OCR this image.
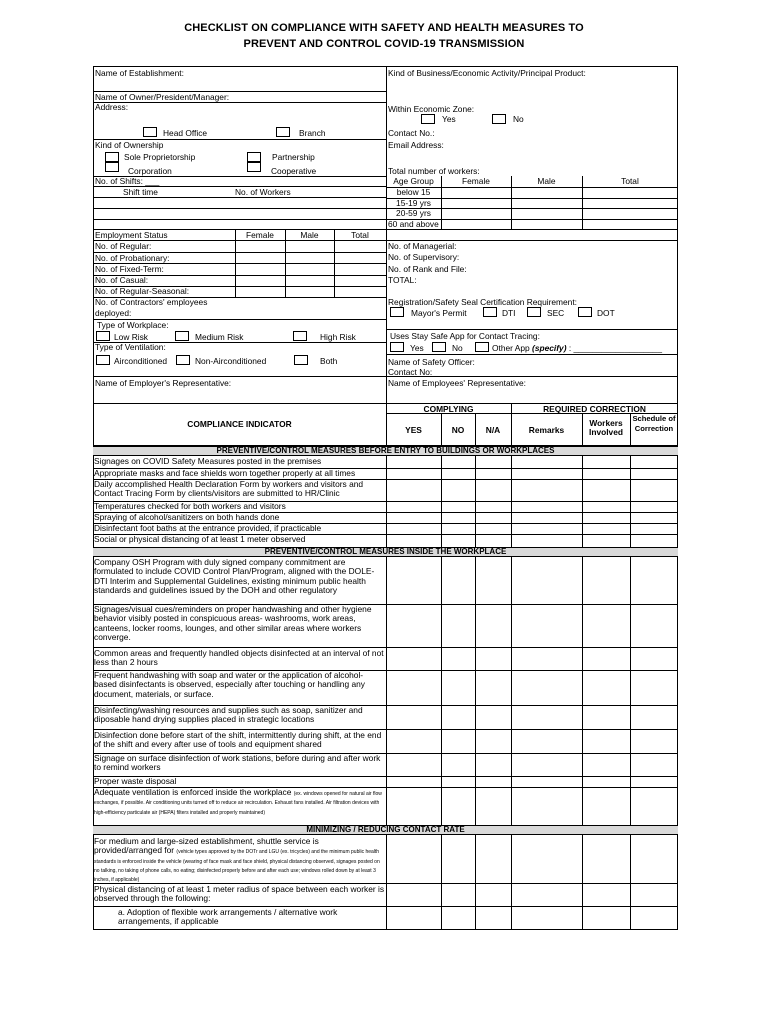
CHECKLIST ON COMPLIANCE WITH SAFETY AND HEALTH MEASURES TO
PREVENT AND CONTROL COVID-19 TRANSMISSION
Name of Establishment:	Kind of Business/Economic Activity/Principal Product:
Name of Owner/President/Manager:
Address:	Within Economic Zone:
Yes	No
Head Office	Branch	Contact No.:
Kind of Ownership	Email Address:
Sole Proprietorship
Corporation
Partnership
Cooperative	Total number of workers:
No. of Shifts: ___
Shift time	No. of Workers
Age Group	Female	Male	Total
below 15
15-19 yrs
20-59 yrs
60 and above
Employment Status	Female	Male	Total
No. of Regular:
No. of Probationary:
No. of Fixed-Term:
No. of Casual:
No. of Regular-Seasonal:
No. of Contractors' employees
deployed:
No. of Managerial:
No. of Supervisory:
No. of Rank and File:
TOTAL:
Registration/Safety Seal Certification Requirement:
Mayor's Permit	DTI	SEC	DOT
Type of Workplace:
Low Risk	Medium Risk	High Risk
Type of Ventilation:
Airconditioned	Non-Airconditioned	Both
Uses Stay Safe App for Contact Tracing:
Yes	No	Other App (specify) : ___________________
Name of Safety Officer:
Contact No:
Name of Employer's Representative:	Name of Employees' Representative:
COMPLIANCE INDICATOR
COMPLYING	REQUIRED CORRECTION
YES	NO	N/A	Remarks
Workers Involved
Schedule of Correction
PREVENTIVE/CONTROL MEASURES BEFORE ENTRY TO BUILDINGS OR WORKPLACES
Signages on COVID Safety Measures posted in the premises
Appropriate masks and face shields worn together properly at all times
Daily accomplished Health Declaration Form by workers and visitors and Contact Tracing Form by clients/visitors are submitted to HR/Clinic
Temperatures checked for both workers and visitors
Spraying of alcohol/sanitizers on both hands done
Disinfectant foot baths at the entrance provided, if practicable
Social or physical distancing of at least 1 meter observed
PREVENTIVE/CONTROL MEASURES INSIDE THE WORKPLACE
Company OSH Program with duly signed company commitment are formulated to include COVID Control Plan/Program, aligned with the DOLE-DTI Interim and Supplemental Guidelines, existing minimum public health standards and guidelines issued by the DOH and other regulatory
Signages/visual cues/reminders on proper handwashing and other hygiene behavior visibly posted in conspicuous areas- washrooms, work areas, canteens, locker rooms, lounges, and other similar areas where workers converge.
Common areas and frequently handled objects disinfected at an interval of not less than 2 hours
Frequent handwashing with soap and water or the application of alcohol-based disinfectants is observed, especially after touching or handling any document, materials, or surface.
Disinfecting/washing resources and supplies such as soap, sanitizer and diposable hand drying supplies placed in strategic locations
Disinfection done before start of the shift, intermittently during shift, at the end of the shift and every after use of tools and equipment shared
Signage on surface disinfection of work stations, before during and after work to remind workers
Proper waste disposal
Adequate ventilation is enforced inside the workplace (ex. windows opened for natural air flow exchanges, if possible. Air conditioning units turned off to reduce air recirculation. Exhaust fans installed. Air filtration devices with high-efficiency particulate air (HEPA) filters installed and properly maintained)
MINIMIZING / REDUCING CONTACT RATE
For medium and large-sized establishment, shuttle service is provided/arranged for (vehicle types approved by the DOTr and LGU (ex. tricycles) and the minimum public health standards is enforced inside the vehicle (wearing of face mask and face shield, physical distancing observed, signages posted on no talking, no taking of phone calls, no eating; disinfected properly before and after each use; windows rolled down by at least 3 inches, if applicable)
Physical distancing of at least 1 meter radius of space between each worker is observed through the following:
a. Adoption of flexible work arrangements / alternative work arrangements, if applicable
